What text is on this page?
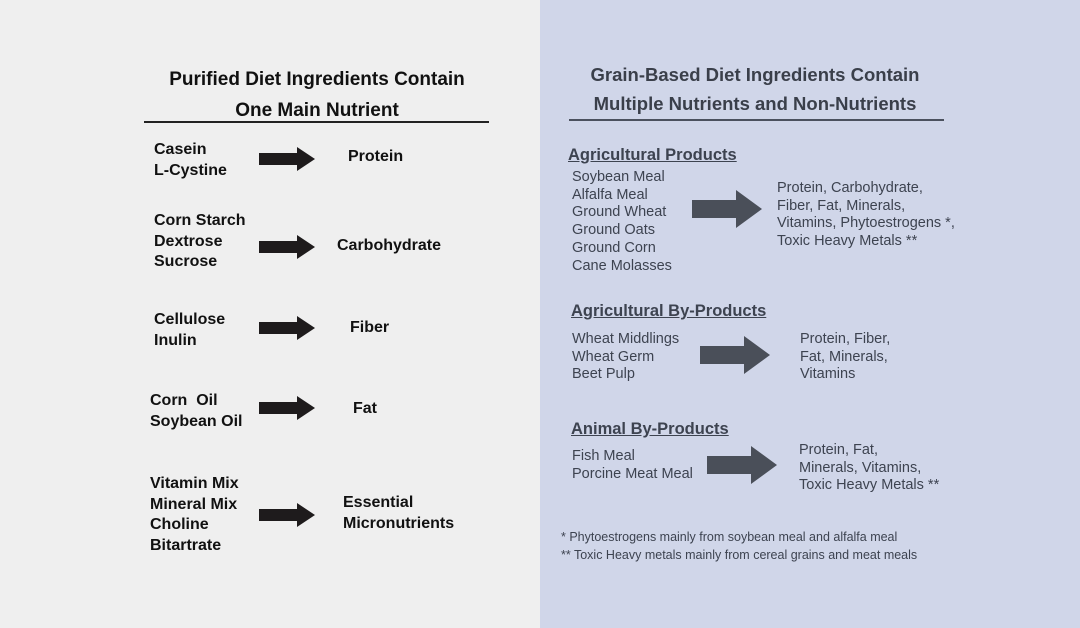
Purified Diet Ingredients Contain
One Main Nutrient
Casein
L-Cystine
Protein
Corn Starch
Dextrose
Sucrose
Carbohydrate
Cellulose
Inulin
Fiber
Corn  Oil
Soybean Oil
Fat
Vitamin Mix
Mineral Mix
Choline
Bitartrate
Essential
Micronutrients
Grain-Based Diet Ingredients Contain
Multiple Nutrients and Non-Nutrients
Agricultural Products
Soybean Meal
Alfalfa Meal
Ground Wheat
Ground Oats
Ground Corn
Cane Molasses
Protein, Carbohydrate,
Fiber, Fat, Minerals,
Vitamins, Phytoestrogens *,
Toxic Heavy Metals **
Agricultural By-Products
Wheat Middlings
Wheat Germ
Beet Pulp
Protein, Fiber,
Fat, Minerals,
Vitamins
Animal By-Products
Fish Meal
Porcine Meat Meal
Protein, Fat,
Minerals, Vitamins,
Toxic Heavy Metals **
* Phytoestrogens mainly from soybean meal and alfalfa meal
** Toxic Heavy metals mainly from cereal grains and meat meals
